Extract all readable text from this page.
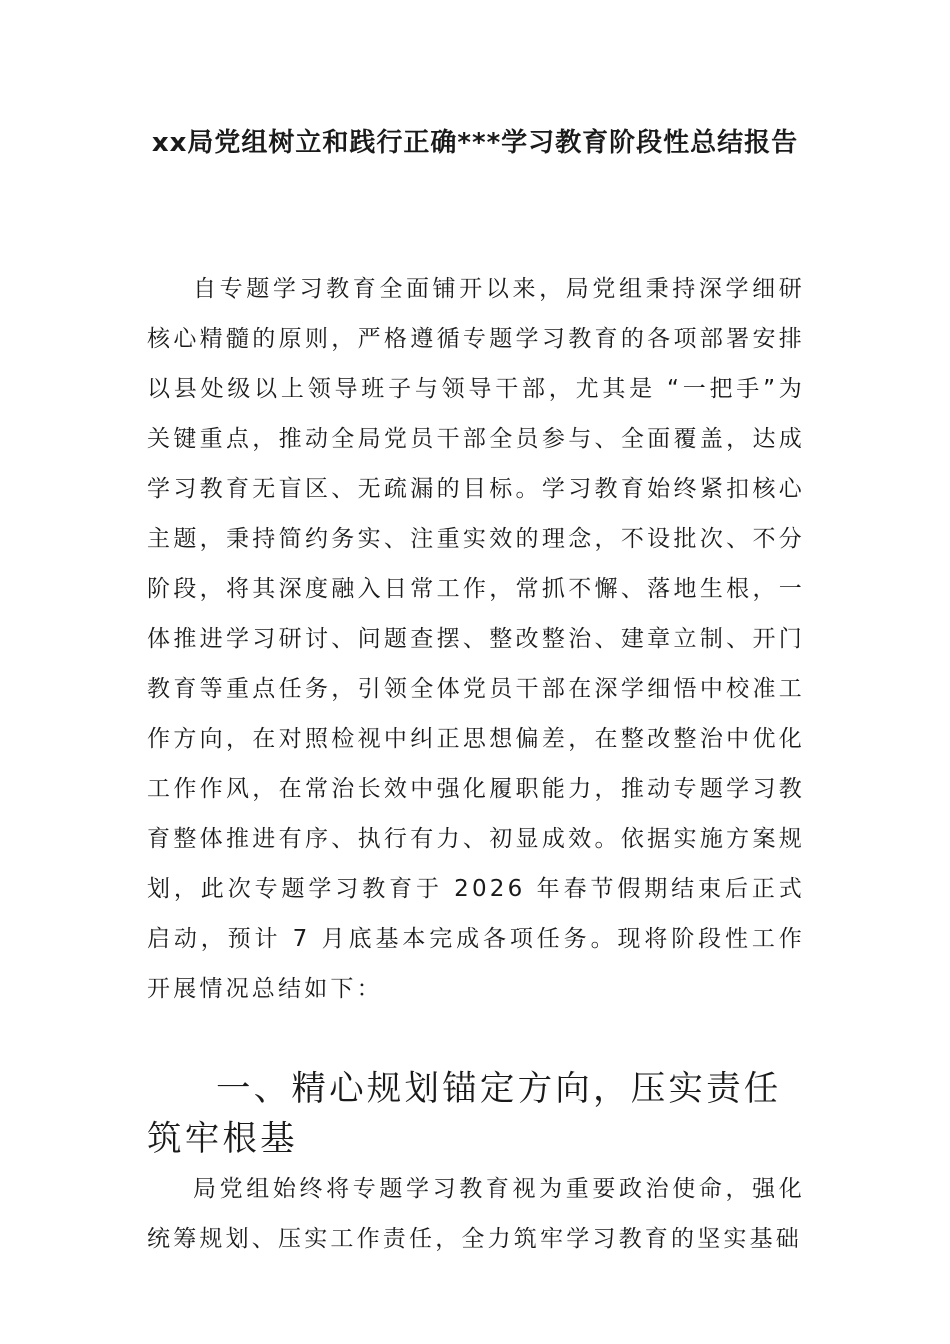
xx局党组树立和践行正确***学习教育阶段性总结报告

自专题学习教育全面铺开以来，局党组秉持深学细研核心精髓的原则，严格遵循专题学习教育的各项部署安排以县处级以上领导班子与领导干部，尤其是 “一把手”为关键重点，推动全局党员干部全员参与、全面覆盖，达成学习教育无盲区、无疏漏的目标。学习教育始终紧扣核心主题，秉持简约务实、注重实效的理念，不设批次、不分阶段，将其深度融入日常工作，常抓不懈、落地生根，一体推进学习研讨、问题查摆、整改整治、建章立制、开门教育等重点任务，引领全体党员干部在深学细悟中校准工作方向，在对照检视中纠正思想偏差，在整改整治中优化工作作风，在常治长效中强化履职能力，推动专题学习教育整体推进有序、执行有力、初显成效。依据实施方案规划，此次专题学习教育于 2026 年春节假期结束后正式启动，预计 7 月底基本完成各项任务。现将阶段性工作开展情况总结如下：

一、精心规划锚定方向，压实责任筑牢根基

局党组始终将专题学习教育视为重要政治使命，强化统筹规划、压实工作责任，全力筑牢学习教育的坚实基础
